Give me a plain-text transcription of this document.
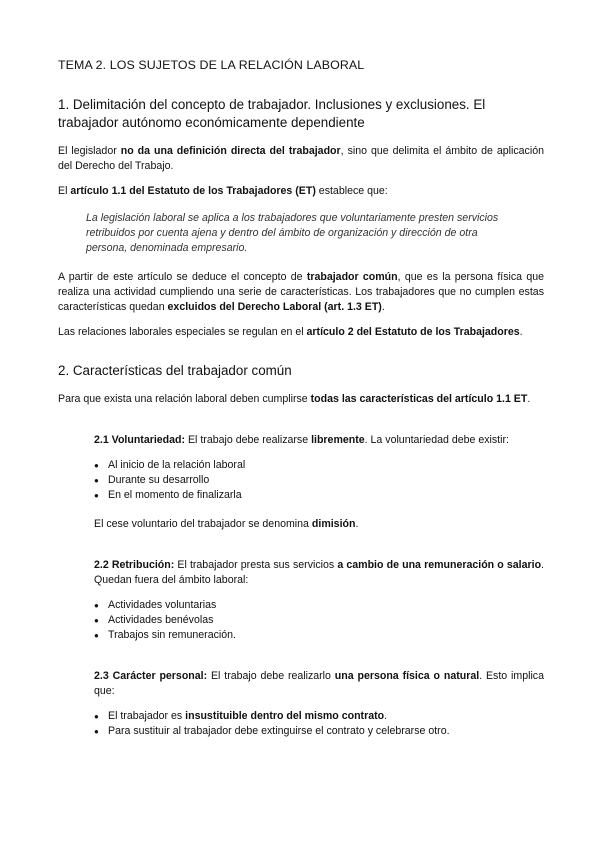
TEMA 2. LOS SUJETOS DE LA RELACIÓN LABORAL
1. Delimitación del concepto de trabajador. Inclusiones y exclusiones. El trabajador autónomo económicamente dependiente

El legislador no da una definición directa del trabajador, sino que delimita el ámbito de aplicación del Derecho del Trabajo.

El artículo 1.1 del Estatuto de los Trabajadores (ET) establece que:

La legislación laboral se aplica a los trabajadores que voluntariamente presten servicios retribuidos por cuenta ajena y dentro del ámbito de organización y dirección de otra persona, denominada empresario.

A partir de este artículo se deduce el concepto de trabajador común, que es la persona física que realiza una actividad cumpliendo una serie de características. Los trabajadores que no cumplen estas características quedan excluidos del Derecho Laboral (art. 1.3 ET).

Las relaciones laborales especiales se regulan en el artículo 2 del Estatuto de los Trabajadores.

2. Características del trabajador común

Para que exista una relación laboral deben cumplirse todas las características del artículo 1.1 ET.

2.1 Voluntariedad: El trabajo debe realizarse libremente. La voluntariedad debe existir:

● Al inicio de la relación laboral
● Durante su desarrollo
● En el momento de finalizarla

El cese voluntario del trabajador se denomina dimisión.

2.2 Retribución: El trabajador presta sus servicios a cambio de una remuneración o salario. Quedan fuera del ámbito laboral:

● Actividades voluntarias
● Actividades benévolas
● Trabajos sin remuneración.

2.3 Carácter personal: El trabajo debe realizarlo una persona física o natural. Esto implica que:

● El trabajador es insustituible dentro del mismo contrato.
● Para sustituir al trabajador debe extinguirse el contrato y celebrarse otro.
